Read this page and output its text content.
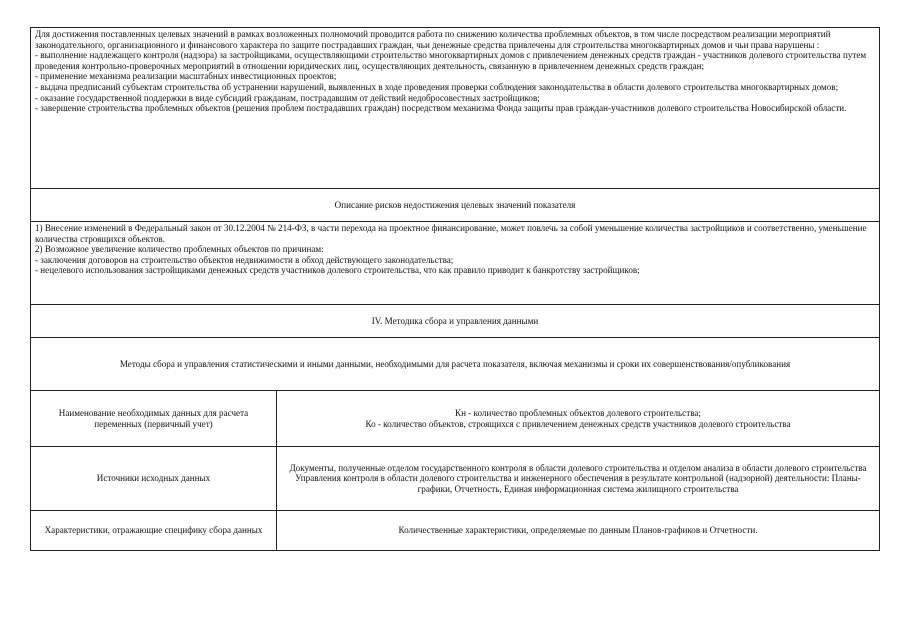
Для достижения поставленных целевых значений в рамках возложенных полномочий проводится работа по снижению количества проблемных объектов, в том числе посредством реализации мероприятий законодательного, организационного и финансового характера по защите пострадавших граждан, чьи денежные средства привлечены для строительства многоквартирных домов и чьи права нарушены :

- выполнение надлежащего контроля (надзора) за застройщиками, осуществляющими строительство многоквартирных домов с привлечением денежных средств граждан - участников долевого строительства путем проведения контрольно-проверочных мероприятий в отношении юридических лиц, осуществляющих деятельность, связанную в привлечением денежных средств граждан;

- применение механизма реализации масштабных инвестиционных проектов;

- выдача предписаний субъектам строительства об устранении нарушений, выявленных в ходе проведения проверки соблюдения законодательства в области долевого строительства многоквартирных домов;

- оказание государственной поддержки в виде субсидий гражданам, пострадавшим от действий недобросовестных застройщиков;

- завершение строительства проблемных объектов (решения проблем пострадавших граждан) посредством механизма Фонда защиты прав граждан-участников долевого строительства Новосибирской области.

Описание рисков недостижения целевых значений показателя

1) Внесение изменений в Федеральный закон от 30.12.2004 № 214-ФЗ, в части перехода на проектное финансирование, может повлечь за собой уменьшение количества застройщиков и соответственно, уменьшение количества строящихся объектов.

2) Возможное увеличение количество проблемных объектов по причинам:

- заключения договоров на строительство объектов недвижимости в обход действующего законодательства;

- нецелевого использования застройщиками денежных средств участников долевого строительства, что как правило приводит к банкротству застройщиков;

IV. Методика сбора и управления данными
Методы сбора и управления статистическими и иными данными, необходимыми для расчета показателя, включая механизмы и сроки их совершенствования/опубликования
Наименование необходимых данных для расчета переменных (первичный учет)
Кн - количество проблемных объектов долевого строительства;
Ко - количество объектов, строящихся с привлечением денежных средств участников долевого строительства
Источники исходных данных
Документы, полученные отделом государственного контроля в области долевого строительства и отделом анализа в области долевого строительства Управления контроля в области долевого строительства и инженерного обеспечения в результате контрольной (надзорной) деятельности: Планы-графики, Отчетность, Единая информационная система жилищного строительства
Характеристики, отражающие специфику сбора данных	Количественные характеристики, определяемые по данным Планов-графиков и Отчетности.
